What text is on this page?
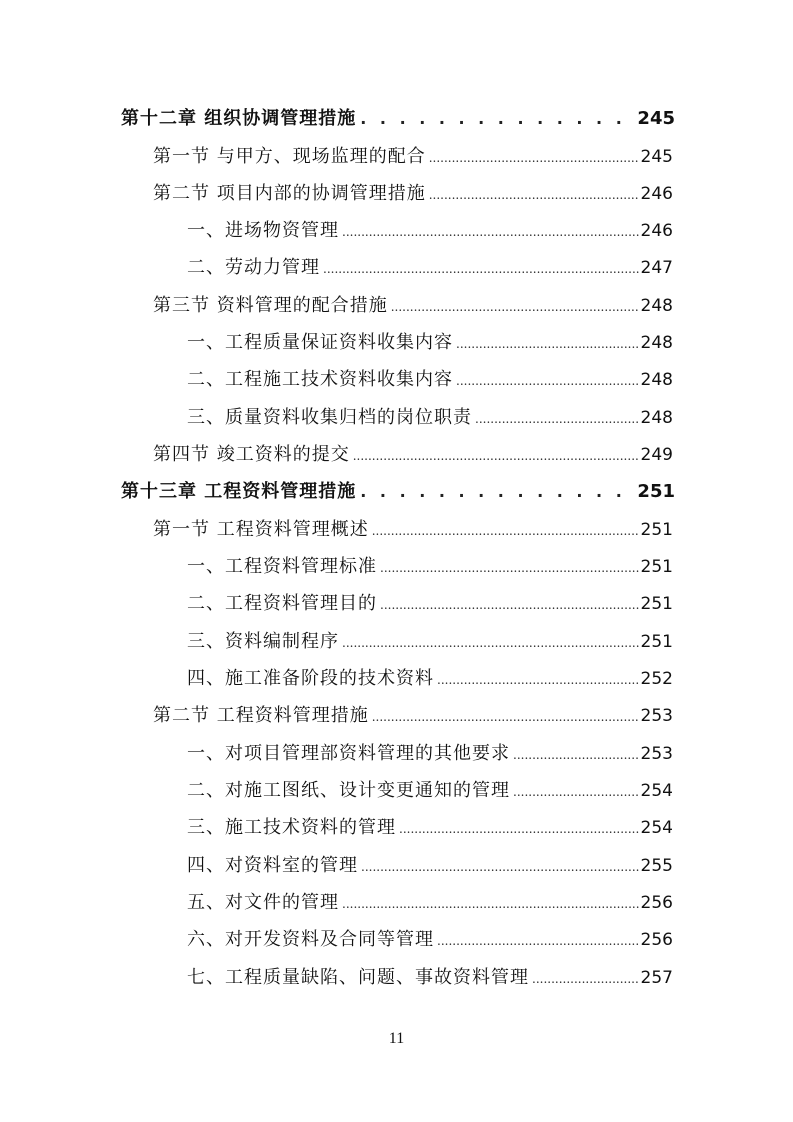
第十二章 组织协调管理措施 . . .	245
第一节 与甲方、现场监理的配合 .....	245
第二节 项目内部的协调管理措施 .....	246
一、进场物资管理 .....	246
二、劳动力管理 .....	247
第三节 资料管理的配合措施 .....	248
一、工程质量保证资料收集内容 .....	248
二、工程施工技术资料收集内容 .....	248
三、质量资料收集归档的岗位职责 .....	248
第四节 竣工资料的提交 .....	249
第十三章 工程资料管理措施 . . .	251
第一节 工程资料管理概述 .....	251
一、工程资料管理标准 .....	251
二、工程资料管理目的 .....	251
三、资料编制程序 .....	251
四、施工准备阶段的技术资料 .....	252
第二节 工程资料管理措施 .....	253
一、对项目管理部资料管理的其他要求 .....	253
二、对施工图纸、设计变更通知的管理 .....	254
三、施工技术资料的管理 .....	254
四、对资料室的管理 .....	255
五、对文件的管理 .....	256
六、对开发资料及合同等管理 .....	256
七、工程质量缺陷、问题、事故资料管理 .....	257
11
